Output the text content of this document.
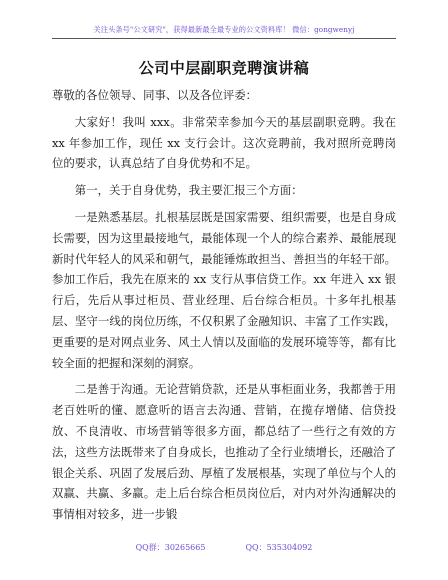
关注头条号"公文研究"，获得最新最全最专业的公文资料库！ 微信：gongwenyj
公司中层副职竞聘演讲稿

尊敬的各位领导、同事、以及各位评委：

大家好！我叫 xxx。非常荣幸参加今天的基层副职竞聘。我在 xx 年参加工作，现任 xx 支行会计。这次竞聘前，我对照所竞聘岗位的要求，认真总结了自身优势和不足。

第一，关于自身优势，我主要汇报三个方面：

一是熟悉基层。扎根基层既是国家需要、组织需要，也是自身成长需要，因为这里最接地气，最能体现一个人的综合素养、最能展现新时代年轻人的风采和朝气，最能锤炼敢担当、善担当的年轻干部。参加工作后，我先在原来的 xx 支行从事信贷工作。xx 年进入 xx 银行后，先后从事过柜员、营业经理、后台综合柜员。十多年扎根基层、坚守一线的岗位历练，不仅积累了金融知识、丰富了工作实践，更重要的是对网点业务、风土人情以及面临的发展环境等等，都有比较全面的把握和深刻的洞察。

二是善于沟通。无论营销贷款，还是从事柜面业务，我都善于用老百姓听的懂、愿意听的语言去沟通、营销，在揽存增储、信贷投放、不良清收、市场营销等很多方面，都总结了一些行之有效的方法，这些方法既带来了自身成长，也推动了全行业绩增长，还融洽了银企关系、巩固了发展后劲、厚植了发展根基，实现了单位与个人的双赢、共赢、多赢。走上后台综合柜员岗位后，对内对外沟通解决的事情相对较多，进一步锻

QQ群：30265665	QQ：535304092
